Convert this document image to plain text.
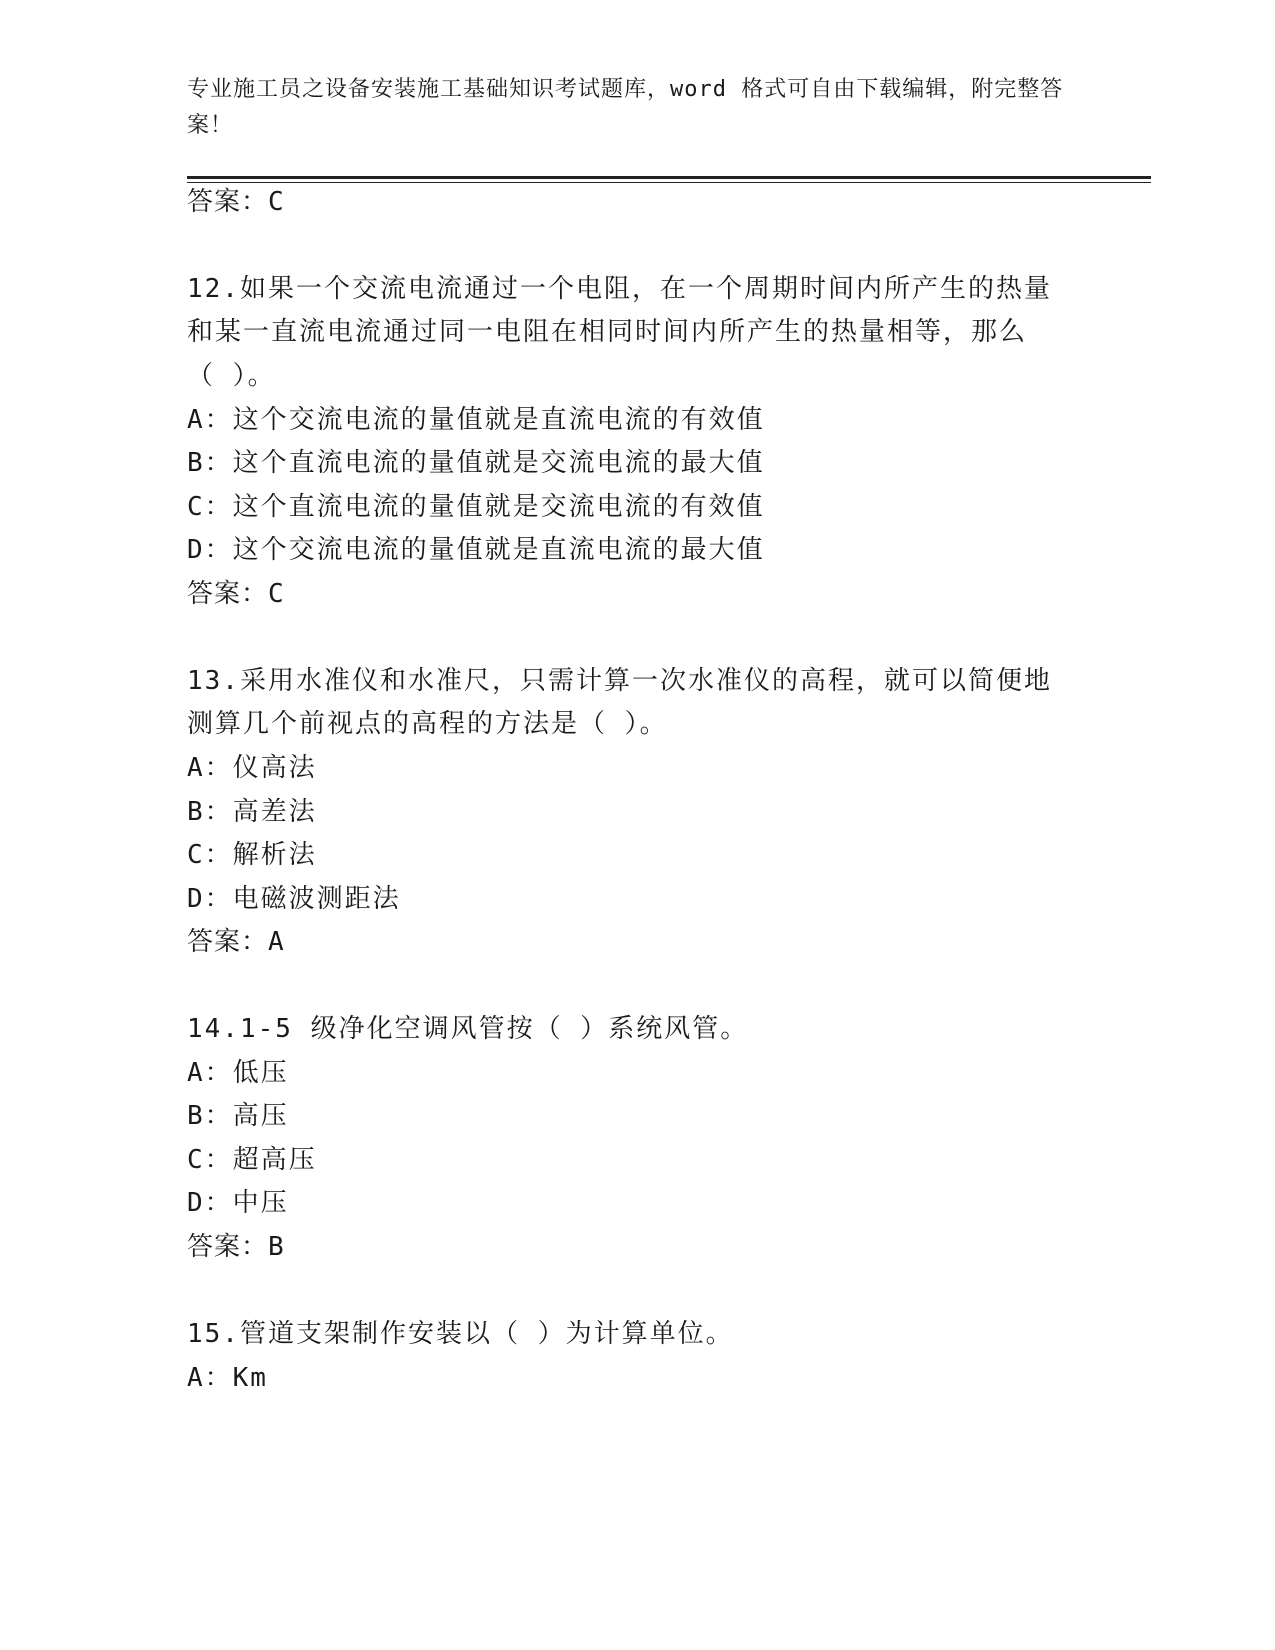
专业施工员之设备安装施工基础知识考试题库，word 格式可自由下载编辑，附完整答案！
答案：C
12.如果一个交流电流通过一个电阻，在一个周期时间内所产生的热量
和某一直流电流通过同一电阻在相同时间内所产生的热量相等，那么
（ ）。
A：这个交流电流的量值就是直流电流的有效值
B：这个直流电流的量值就是交流电流的最大值
C：这个直流电流的量值就是交流电流的有效值
D：这个交流电流的量值就是直流电流的最大值
答案：C
13.采用水准仪和水准尺，只需计算一次水准仪的高程，就可以简便地
测算几个前视点的高程的方法是（ ）。
A：仪高法
B：高差法
C：解析法
D：电磁波测距法
答案：A
14.1-5 级净化空调风管按（ ）系统风管。
A：低压
B：高压
C：超高压
D：中压
答案：B
15.管道支架制作安装以（ ）为计算单位。
A：Km
